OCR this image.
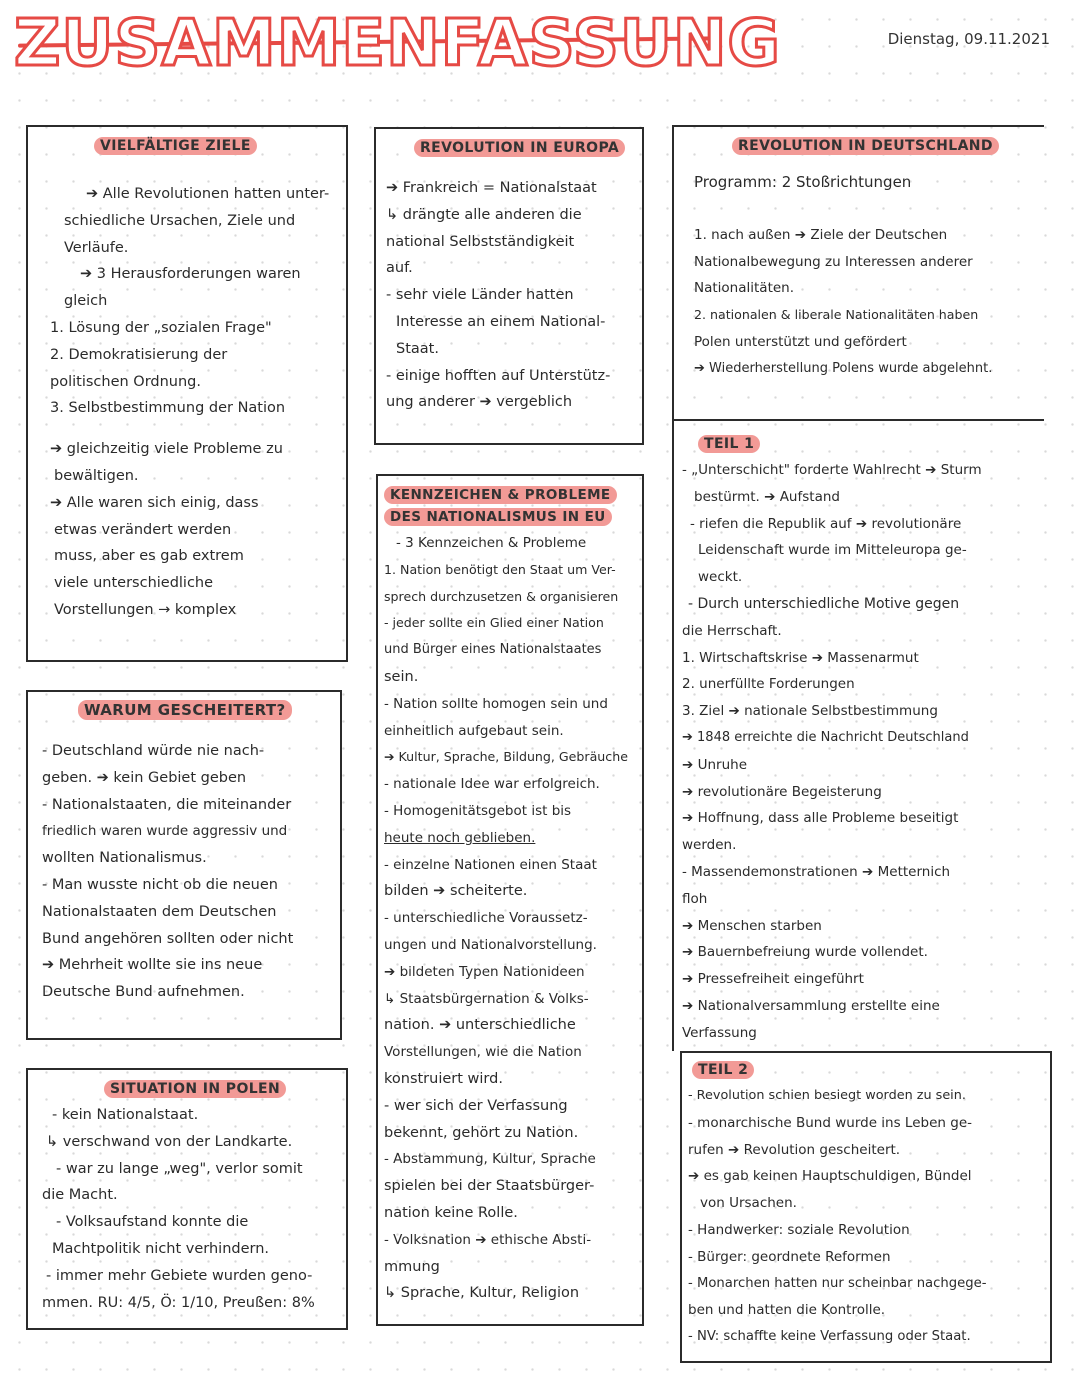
ZUSAMMENFASSUNG	Dienstag, 09.11.2021
VIELFÄLTIGE ZIELE
➔ Alle Revolutionen hatten unter-
schiedliche Ursachen, Ziele und
Verläufe.
➔ 3 Herausforderungen waren
gleich
1. Lösung der „sozialen Frage"
2. Demokratisierung der
politischen Ordnung.
3. Selbstbestimmung der Nation
➔ gleichzeitig viele Probleme zu
bewältigen.
➔ Alle waren sich einig, dass
etwas verändert werden
muss, aber es gab extrem
viele unterschiedliche
Vorstellungen → komplex
WARUM GESCHEITERT?
- Deutschland würde nie nach-
geben. ➔ kein Gebiet geben
- Nationalstaaten, die miteinander
friedlich waren wurde aggressiv und
wollten Nationalismus.
- Man wusste nicht ob die neuen
Nationalstaaten dem Deutschen
Bund angehören sollten oder nicht
➔ Mehrheit wollte sie ins neue
Deutsche Bund aufnehmen.
SITUATION IN POLEN
- kein Nationalstaat.
↳ verschwand von der Landkarte.
- war zu lange „weg", verlor somit
die Macht.
- Volksaufstand konnte die
Machtpolitik nicht verhindern.
- immer mehr Gebiete wurden geno-
mmen. RU: 4/5, Ö: 1/10, Preußen: 8%
REVOLUTION IN EUROPA
➔ Frankreich = Nationalstaat
↳ drängte alle anderen die
national Selbstständigkeit
auf.
- sehr viele Länder hatten
Interesse an einem National-
Staat.
- einige hofften auf Unterstütz-
ung anderer ➔ vergeblich
KENNZEICHEN & PROBLEME
DES NATIONALISMUS IN EU
- 3 Kennzeichen & Probleme
1. Nation benötigt den Staat um Ver-
sprech durchzusetzen & organisieren
- jeder sollte ein Glied einer Nation
und Bürger eines Nationalstaates
sein.
- Nation sollte homogen sein und
einheitlich aufgebaut sein.
➔ Kultur, Sprache, Bildung, Gebräuche
- nationale Idee war erfolgreich.
- Homogenitätsgebot ist bis
heute noch geblieben.
- einzelne Nationen einen Staat
bilden ➔ scheiterte.
- unterschiedliche Voraussetz-
ungen und Nationalvorstellung.
➔ bildeten Typen Nationideen
↳ Staatsbürgernation & Volks-
nation. ➔ unterschiedliche
Vorstellungen, wie die Nation
konstruiert wird.
- wer sich der Verfassung
bekennt, gehört zu Nation.
- Abstammung, Kultur, Sprache
spielen bei der Staatsbürger-
nation keine Rolle.
- Volksnation ➔ ethische Absti-
mmung
↳ Sprache, Kultur, Religion
REVOLUTION IN DEUTSCHLAND
Programm: 2 Stoßrichtungen
1. nach außen ➔ Ziele der Deutschen
Nationalbewegung zu Interessen anderer
Nationalitäten.
2. nationalen & liberale Nationalitäten haben
Polen unterstützt und gefördert
➔ Wiederherstellung Polens wurde abgelehnt.
TEIL 1
- „Unterschicht" forderte Wahlrecht ➔ Sturm
bestürmt. ➔ Aufstand
- riefen die Republik auf ➔ revolutionäre
Leidenschaft wurde im Mitteleuropa ge-
weckt.
- Durch unterschiedliche Motive gegen
die Herrschaft.
1. Wirtschaftskrise ➔ Massenarmut
2. unerfüllte Forderungen
3. Ziel ➔ nationale Selbstbestimmung
➔ 1848 erreichte die Nachricht Deutschland
➔ Unruhe
➔ revolutionäre Begeisterung
➔ Hoffnung, dass alle Probleme beseitigt
werden.
- Massendemonstrationen ➔ Metternich
floh
➔ Menschen starben
➔ Bauernbefreiung wurde vollendet.
➔ Pressefreiheit eingeführt
➔ Nationalversammlung erstellte eine
Verfassung
TEIL 2
- Revolution schien besiegt worden zu sein.
- monarchische Bund wurde ins Leben ge-
rufen ➔ Revolution gescheitert.
➔ es gab keinen Hauptschuldigen, Bündel
von Ursachen.
- Handwerker: soziale Revolution
- Bürger: geordnete Reformen
- Monarchen hatten nur scheinbar nachgege-
ben und hatten die Kontrolle.
- NV: schaffte keine Verfassung oder Staat.
